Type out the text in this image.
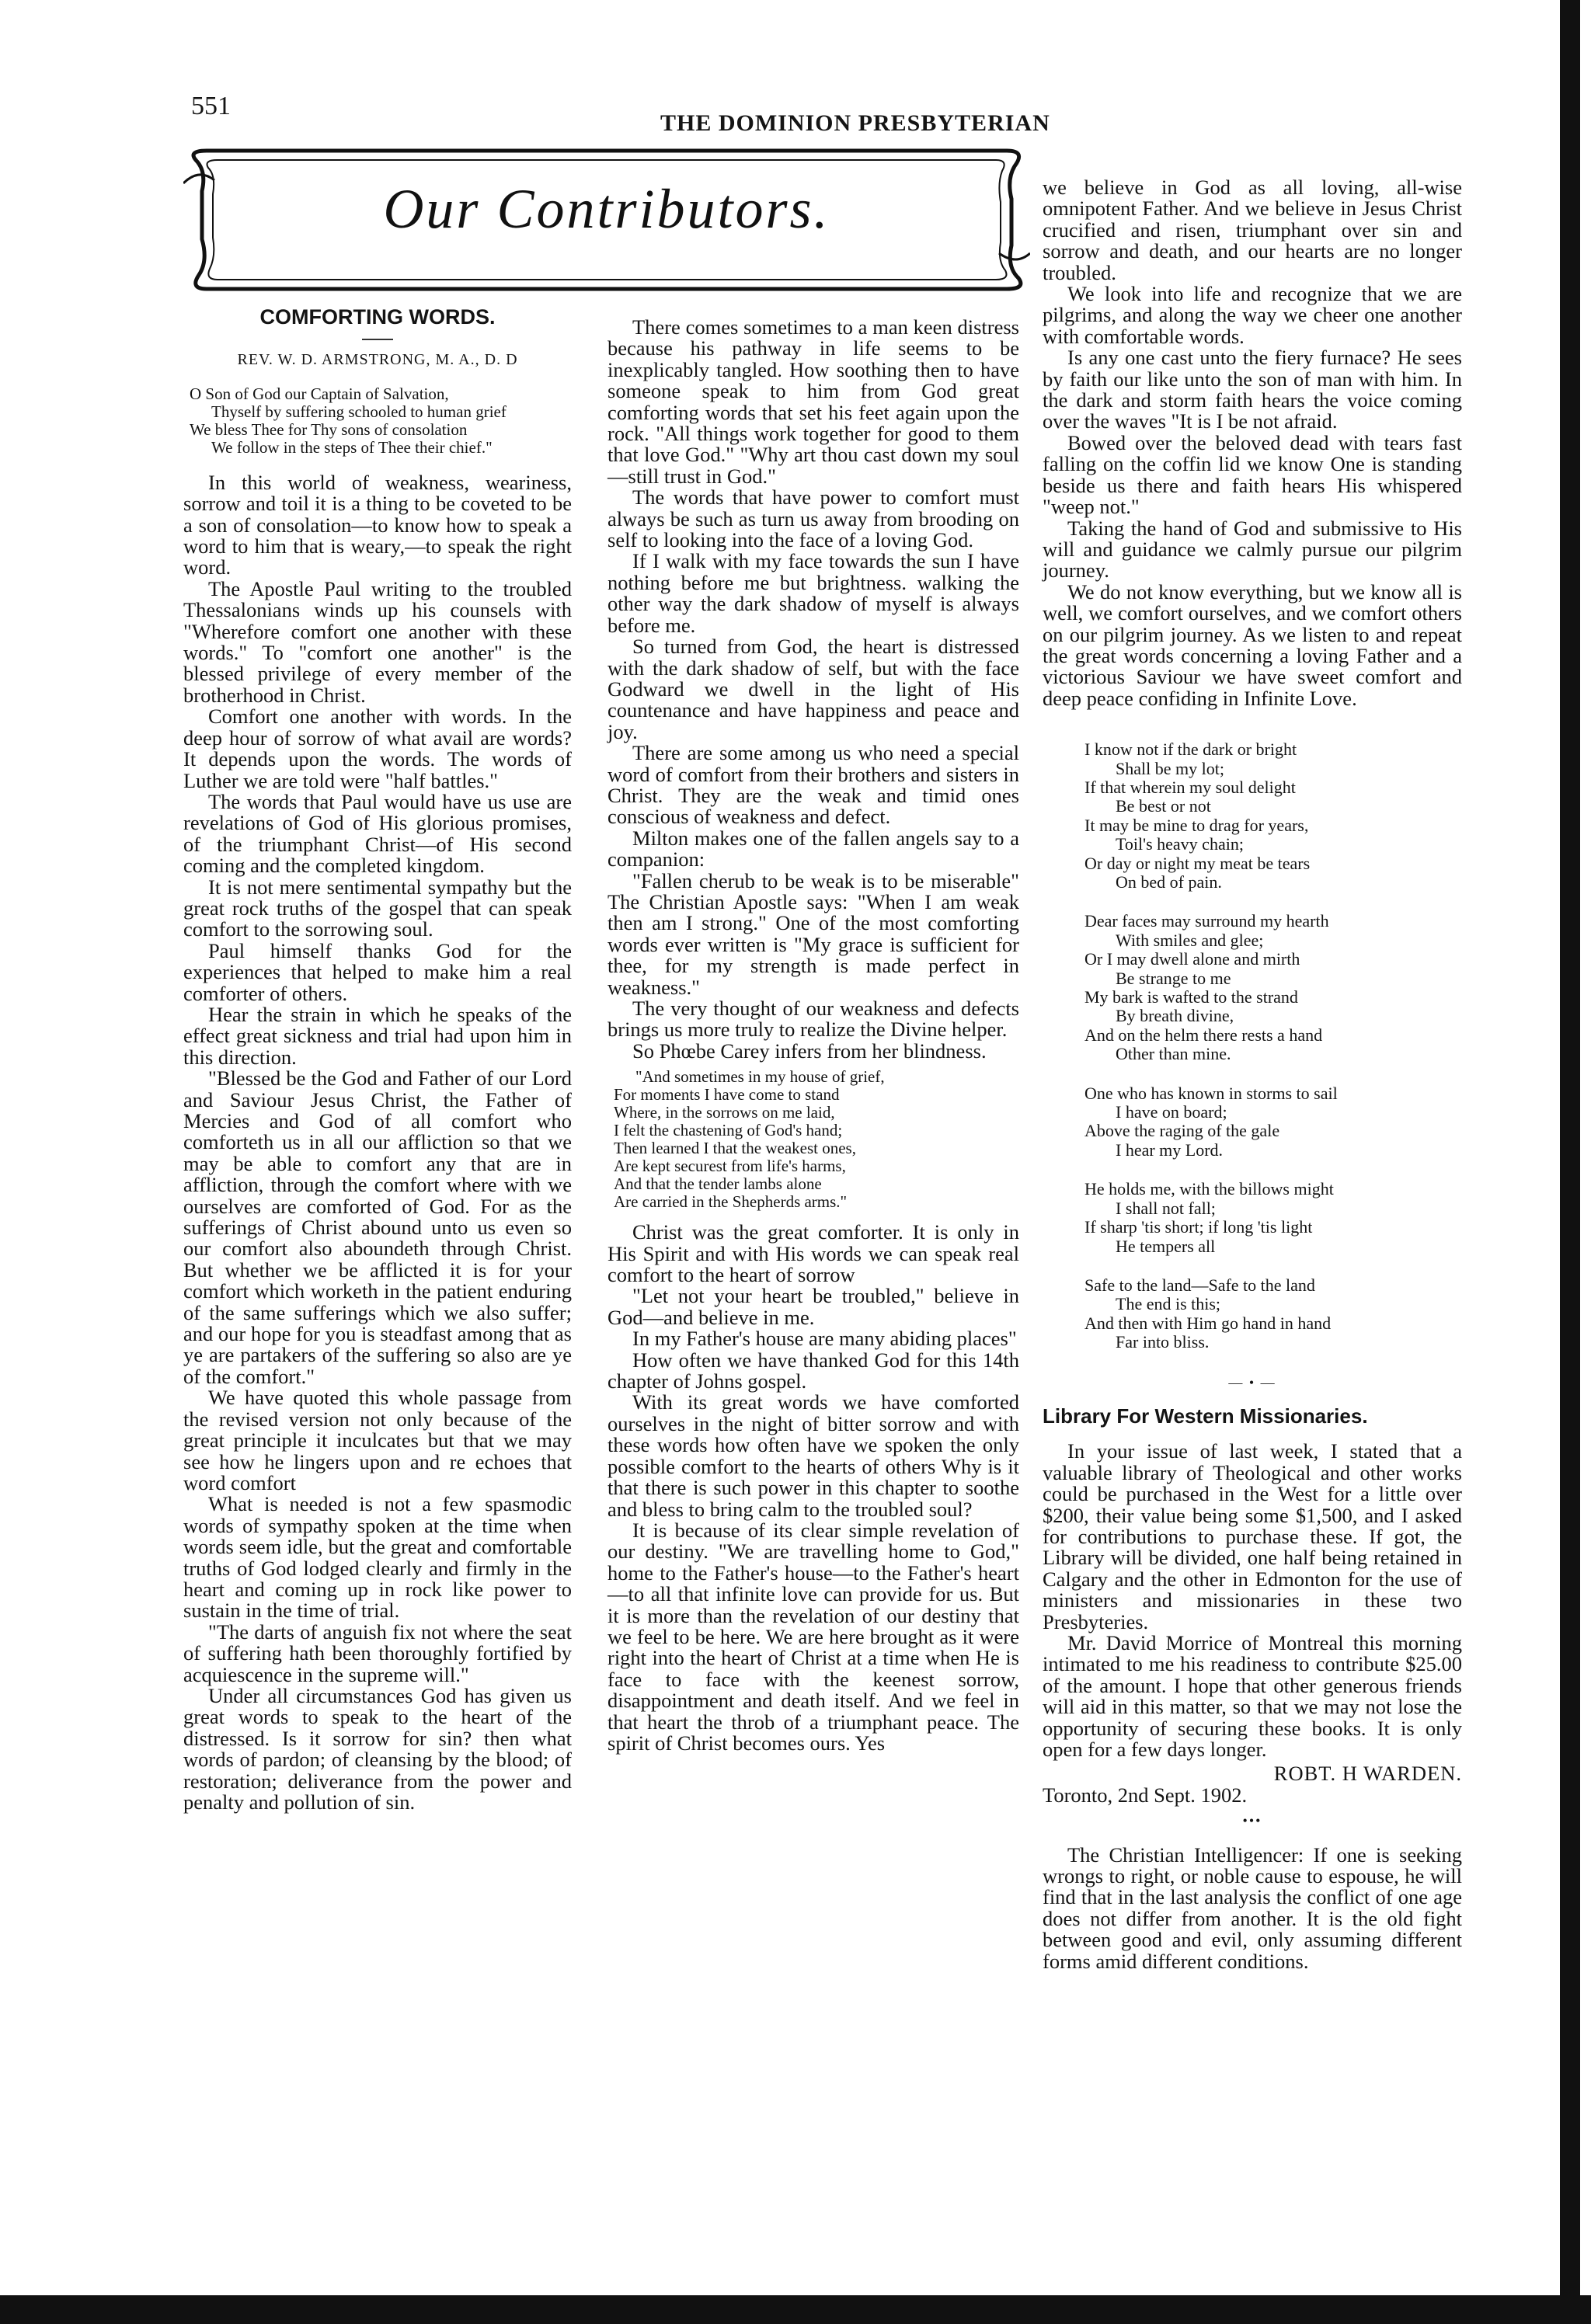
551
THE DOMINION PRESBYTERIAN
Our Contributors.
COMFORTING WORDS.
REV. W. D. ARMSTRONG, M. A., D. D
O Son of God our Captain of Salvation,
Thyself by suffering schooled to human grief
We bless Thee for Thy sons of consolation
We follow in the steps of Thee their chief."

In this world of weakness, weariness, sorrow and toil it is a thing to be coveted to be a son of consolation—to know how to speak a word to him that is weary,—to speak the right word.

The Apostle Paul writing to the troubled Thessalonians winds up his counsels with "Wherefore comfort one another with these words." To "comfort one another" is the blessed privilege of every member of the brotherhood in Christ.

Comfort one another with words. In the deep hour of sorrow of what avail are words? It depends upon the words. The words of Luther we are told were "half battles."

The words that Paul would have us use are revelations of God of His glorious promises, of the triumphant Christ—of His second coming and the completed kingdom.

It is not mere sentimental sympathy but the great rock truths of the gospel that can speak comfort to the sorrowing soul.

Paul himself thanks God for the experiences that helped to make him a real comforter of others.

Hear the strain in which he speaks of the effect great sickness and trial had upon him in this direction.

"Blessed be the God and Father of our Lord and Saviour Jesus Christ, the Father of Mercies and God of all comfort who comforteth us in all our affliction so that we may be able to comfort any that are in affliction, through the comfort where with we ourselves are comforted of God. For as the sufferings of Christ abound unto us even so our comfort also aboundeth through Christ. But whether we be afflicted it is for your comfort which worketh in the patient enduring of the same sufferings which we also suffer; and our hope for you is steadfast among that as ye are partakers of the suffering so also are ye of the comfort."

We have quoted this whole passage from the revised version not only because of the great principle it inculcates but that we may see how he lingers upon and re echoes that word comfort

What is needed is not a few spasmodic words of sympathy spoken at the time when words seem idle, but the great and comfortable truths of God lodged clearly and firmly in the heart and coming up in rock like power to sustain in the time of trial.

"The darts of anguish fix not where the seat of suffering hath been thoroughly fortified by acquiescence in the supreme will."

Under all circumstances God has given us great words to speak to the heart of the distressed. Is it sorrow for sin? then what words of pardon; of cleansing by the blood; of restoration; deliverance from the power and penalty and pollution of sin.

There comes sometimes to a man keen distress because his pathway in life seems to be inexplicably tangled. How soothing then to have someone speak to him from God great comforting words that set his feet again upon the rock. "All things work together for good to them that love God." "Why art thou cast down my soul—still trust in God."

The words that have power to comfort must always be such as turn us away from brooding on self to looking into the face of a loving God.

If I walk with my face towards the sun I have nothing before me but brightness. walking the other way the dark shadow of myself is always before me.

So turned from God, the heart is distressed with the dark shadow of self, but with the face Godward we dwell in the light of His countenance and have happiness and peace and joy.

There are some among us who need a special word of comfort from their brothers and sisters in Christ. They are the weak and timid ones conscious of weakness and defect.

Milton makes one of the fallen angels say to a companion:

"Fallen cherub to be weak is to be miserable" The Christian Apostle says: "When I am weak then am I strong." One of the most comforting words ever written is "My grace is sufficient for thee, for my strength is made perfect in weakness."

The very thought of our weakness and defects brings us more truly to realize the Divine helper.

So Phœbe Carey infers from her blindness.

"And sometimes in my house of grief,
For moments I have come to stand
Where, in the sorrows on me laid,
I felt the chastening of God's hand;
Then learned I that the weakest ones,
Are kept securest from life's harms,
And that the tender lambs alone
Are carried in the Shepherds arms."

Christ was the great comforter. It is only in His Spirit and with His words we can speak real comfort to the heart of sorrow

"Let not your heart be troubled," believe in God—and believe in me.

In my Father's house are many abiding places"

How often we have thanked God for this 14th chapter of Johns gospel.

With its great words we have comforted ourselves in the night of bitter sorrow and with these words how often have we spoken the only possible comfort to the hearts of others Why is it that there is such power in this chapter to soothe and bless to bring calm to the troubled soul?

It is because of its clear simple revelation of our destiny. "We are travelling home to God," home to the Father's house—to the Father's heart—to all that infinite love can provide for us. But it is more than the revelation of our destiny that we feel to be here. We are here brought as it were right into the heart of Christ at a time when He is face to face with the keenest sorrow, disappointment and death itself. And we feel in that heart the throb of a triumphant peace. The spirit of Christ becomes ours. Yes

we believe in God as all loving, all-wise omnipotent Father. And we believe in Jesus Christ crucified and risen, triumphant over sin and sorrow and death, and our hearts are no longer troubled.

We look into life and recognize that we are pilgrims, and along the way we cheer one another with comfortable words.

Is any one cast unto the fiery furnace? He sees by faith our like unto the son of man with him. In the dark and storm faith hears the voice coming over the waves "It is I be not afraid.

Bowed over the beloved dead with tears fast falling on the coffin lid we know One is standing beside us there and faith hears His whispered "weep not."

Taking the hand of God and submissive to His will and guidance we calmly pursue our pilgrim journey.

We do not know everything, but we know all is well, we comfort ourselves, and we comfort others on our pilgrim journey. As we listen to and repeat the great words concerning a loving Father and a victorious Saviour we have sweet comfort and deep peace confiding in Infinite Love.

I know not if the dark or bright
Shall be my lot;
If that wherein my soul delight
Be best or not
It may be mine to drag for years,
Toil's heavy chain;
Or day or night my meat be tears
On bed of pain.
Dear faces may surround my hearth
With smiles and glee;
Or I may dwell alone and mirth
Be strange to me
My bark is wafted to the strand
By breath divine,
And on the helm there rests a hand
Other than mine.
One who has known in storms to sail
I have on board;
Above the raging of the gale
I hear my Lord.
He holds me, with the billows might
I shall not fall;
If sharp 'tis short; if long 'tis light
He tempers all
Safe to the land—Safe to the land
The end is this;
And then with Him go hand in hand
Far into bliss.
— • —
Library For Western Missionaries.

In your issue of last week, I stated that a valuable library of Theological and other works could be purchased in the West for a little over $200, their value being some $1,500, and I asked for contributions to purchase these. If got, the Library will be divided, one half being retained in Calgary and the other in Edmonton for the use of ministers and missionaries in these two Presbyteries.

Mr. David Morrice of Montreal this morning intimated to me his readiness to contribute $25.00 of the amount. I hope that other generous friends will aid in this matter, so that we may not lose the opportunity of securing these books. It is only open for a few days longer.

ROBT. H WARDEN.

Toronto, 2nd Sept. 1902.

•••

The Christian Intelligencer: If one is seeking wrongs to right, or noble cause to espouse, he will find that in the last analysis the conflict of one age does not differ from another. It is the old fight between good and evil, only assuming different forms amid different conditions.
